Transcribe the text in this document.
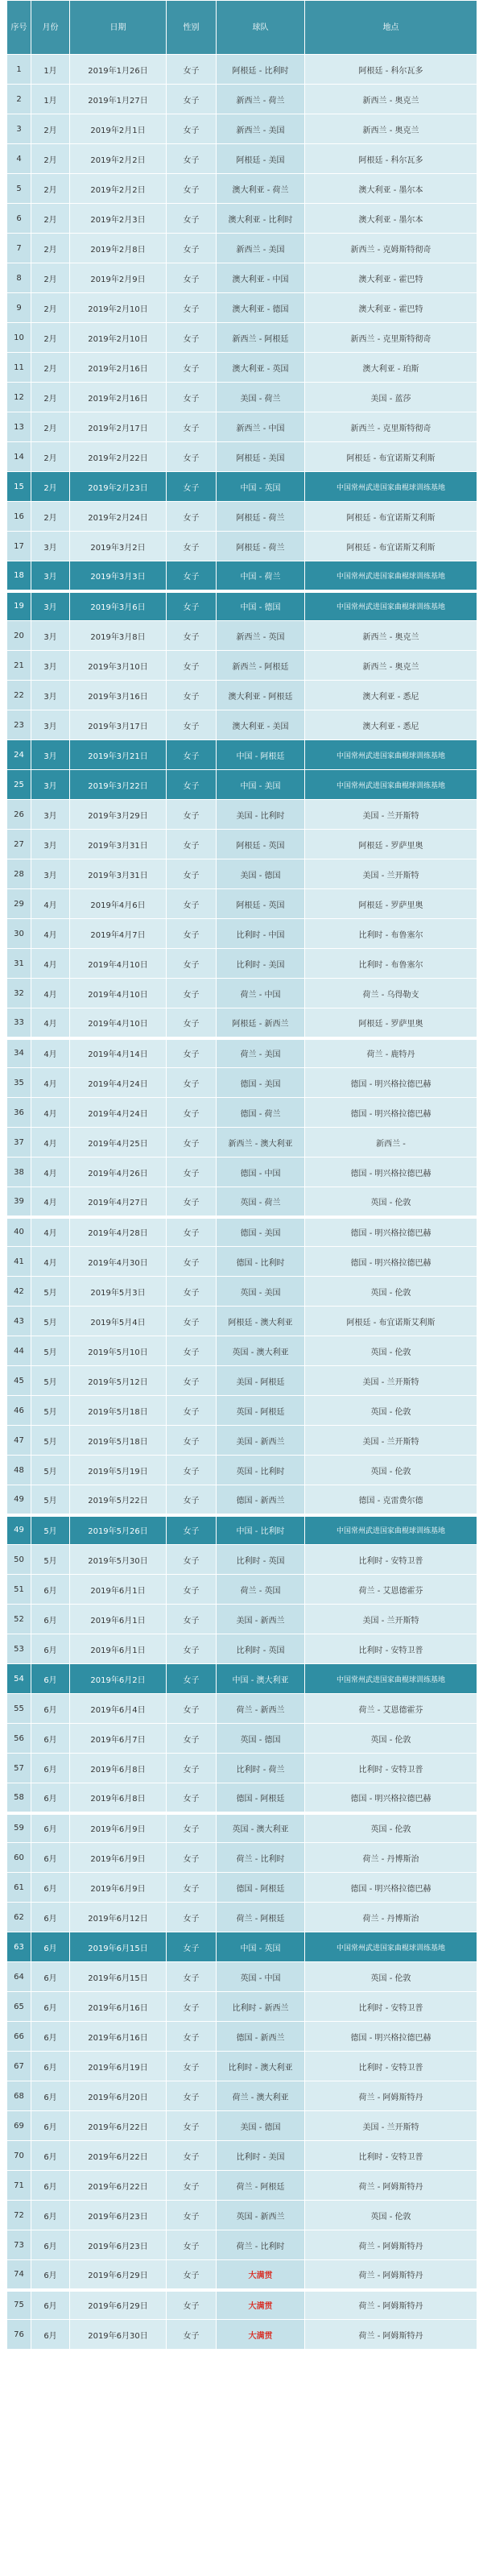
序号	月份	日期	性别	球队	地点
1	1月	2019年1月26日	女子	阿根廷 - 比利时	阿根廷 - 科尔瓦多
2	1月	2019年1月27日	女子	新西兰 - 荷兰	新西兰 - 奥克兰
3	2月	2019年2月1日	女子	新西兰 - 美国	新西兰 - 奥克兰
4	2月	2019年2月2日	女子	阿根廷 - 美国	阿根廷 - 科尔瓦多
5	2月	2019年2月2日	女子	澳大利亚 - 荷兰	澳大利亚 - 墨尔本
6	2月	2019年2月3日	女子	澳大利亚 - 比利时	澳大利亚 - 墨尔本
7	2月	2019年2月8日	女子	新西兰 - 美国	新西兰 - 克姆斯特彻奇
8	2月	2019年2月9日	女子	澳大利亚 - 中国	澳大利亚 - 霍巴特
9	2月	2019年2月10日	女子	澳大利亚 - 德国	澳大利亚 - 霍巴特
10	2月	2019年2月10日	女子	新西兰 - 阿根廷	新西兰 - 克里斯特彻奇
11	2月	2019年2月16日	女子	澳大利亚 - 英国	澳大利亚 - 珀斯
12	2月	2019年2月16日	女子	美国 - 荷兰	美国 - 蓝莎
13	2月	2019年2月17日	女子	新西兰 - 中国	新西兰 - 克里斯特彻奇
14	2月	2019年2月22日	女子	阿根廷 - 美国	阿根廷 - 布宜诺斯艾利斯
15	2月	2019年2月23日	女子	中国 - 英国	中国常州武进国家曲棍球训练基地
16	2月	2019年2月24日	女子	阿根廷 - 荷兰	阿根廷 - 布宜诺斯艾利斯
17	3月	2019年3月2日	女子	阿根廷 - 荷兰	阿根廷 - 布宜诺斯艾利斯
18	3月	2019年3月3日	女子	中国 - 荷兰	中国常州武进国家曲棍球训练基地
19	3月	2019年3月6日	女子	中国 - 德国	中国常州武进国家曲棍球训练基地
20	3月	2019年3月8日	女子	新西兰 - 英国	新西兰 - 奥克兰
21	3月	2019年3月10日	女子	新西兰 - 阿根廷	新西兰 - 奥克兰
22	3月	2019年3月16日	女子	澳大利亚 - 阿根廷	澳大利亚 - 悉尼
23	3月	2019年3月17日	女子	澳大利亚 - 美国	澳大利亚 - 悉尼
24	3月	2019年3月21日	女子	中国 - 阿根廷	中国常州武进国家曲棍球训练基地
25	3月	2019年3月22日	女子	中国 - 美国	中国常州武进国家曲棍球训练基地
26	3月	2019年3月29日	女子	美国 - 比利时	美国 - 兰开斯特
27	3月	2019年3月31日	女子	阿根廷 - 英国	阿根廷 - 罗萨里奥
28	3月	2019年3月31日	女子	美国 - 德国	美国 - 兰开斯特
29	4月	2019年4月6日	女子	阿根廷 - 英国	阿根廷 - 罗萨里奥
30	4月	2019年4月7日	女子	比利时 - 中国	比利时 - 布鲁塞尔
31	4月	2019年4月10日	女子	比利时 - 美国	比利时 - 布鲁塞尔
32	4月	2019年4月10日	女子	荷兰 - 中国	荷兰 - 乌得勒支
33	4月	2019年4月10日	女子	阿根廷 - 新西兰	阿根廷 - 罗萨里奥
34	4月	2019年4月14日	女子	荷兰 - 美国	荷兰 - 鹿特丹
35	4月	2019年4月24日	女子	德国 - 美国	德国 - 明兴格拉德巴赫
36	4月	2019年4月24日	女子	德国 - 荷兰	德国 - 明兴格拉德巴赫
37	4月	2019年4月25日	女子	新西兰 - 澳大利亚	新西兰 -
38	4月	2019年4月26日	女子	德国 - 中国	德国 - 明兴格拉德巴赫
39	4月	2019年4月27日	女子	英国 - 荷兰	英国 - 伦敦
40	4月	2019年4月28日	女子	德国 - 美国	德国 - 明兴格拉德巴赫
41	4月	2019年4月30日	女子	德国 - 比利时	德国 - 明兴格拉德巴赫
42	5月	2019年5月3日	女子	英国 - 美国	英国 - 伦敦
43	5月	2019年5月4日	女子	阿根廷 - 澳大利亚	阿根廷 - 布宜诺斯艾利斯
44	5月	2019年5月10日	女子	英国 - 澳大利亚	英国 - 伦敦
45	5月	2019年5月12日	女子	美国 - 阿根廷	美国 - 兰开斯特
46	5月	2019年5月18日	女子	英国 - 阿根廷	英国 - 伦敦
47	5月	2019年5月18日	女子	美国 - 新西兰	美国 - 兰开斯特
48	5月	2019年5月19日	女子	英国 - 比利时	英国 - 伦敦
49	5月	2019年5月22日	女子	德国 - 新西兰	德国 - 克雷费尔德
49	5月	2019年5月26日	女子	中国 - 比利时	中国常州武进国家曲棍球训练基地
50	5月	2019年5月30日	女子	比利时 - 英国	比利时 - 安特卫普
51	6月	2019年6月1日	女子	荷兰 - 英国	荷兰 - 艾恩德霍芬
52	6月	2019年6月1日	女子	美国 - 新西兰	美国 - 兰开斯特
53	6月	2019年6月1日	女子	比利时 - 英国	比利时 - 安特卫普
54	6月	2019年6月2日	女子	中国 - 澳大利亚	中国常州武进国家曲棍球训练基地
55	6月	2019年6月4日	女子	荷兰 - 新西兰	荷兰 - 艾恩德霍芬
56	6月	2019年6月7日	女子	英国 - 德国	英国 - 伦敦
57	6月	2019年6月8日	女子	比利时 - 荷兰	比利时 - 安特卫普
58	6月	2019年6月8日	女子	德国 - 阿根廷	德国 - 明兴格拉德巴赫
59	6月	2019年6月9日	女子	英国 - 澳大利亚	英国 - 伦敦
60	6月	2019年6月9日	女子	荷兰 - 比利时	荷兰 - 丹博斯治
61	6月	2019年6月9日	女子	德国 - 阿根廷	德国 - 明兴格拉德巴赫
62	6月	2019年6月12日	女子	荷兰 - 阿根廷	荷兰 - 丹博斯治
63	6月	2019年6月15日	女子	中国 - 英国	中国常州武进国家曲棍球训练基地
64	6月	2019年6月15日	女子	英国 - 中国	英国 - 伦敦
65	6月	2019年6月16日	女子	比利时 - 新西兰	比利时 - 安特卫普
66	6月	2019年6月16日	女子	德国 - 新西兰	德国 - 明兴格拉德巴赫
67	6月	2019年6月19日	女子	比利时 - 澳大利亚	比利时 - 安特卫普
68	6月	2019年6月20日	女子	荷兰 - 澳大利亚	荷兰 - 阿姆斯特丹
69	6月	2019年6月22日	女子	美国 - 德国	美国 - 兰开斯特
70	6月	2019年6月22日	女子	比利时 - 美国	比利时 - 安特卫普
71	6月	2019年6月22日	女子	荷兰 - 阿根廷	荷兰 - 阿姆斯特丹
72	6月	2019年6月23日	女子	英国 - 新西兰	英国 - 伦敦
73	6月	2019年6月23日	女子	荷兰 - 比利时	荷兰 - 阿姆斯特丹
74	6月	2019年6月29日	女子	大满贯	荷兰 - 阿姆斯特丹
75	6月	2019年6月29日	女子	大满贯	荷兰 - 阿姆斯特丹
76	6月	2019年6月30日	女子	大满贯	荷兰 - 阿姆斯特丹
